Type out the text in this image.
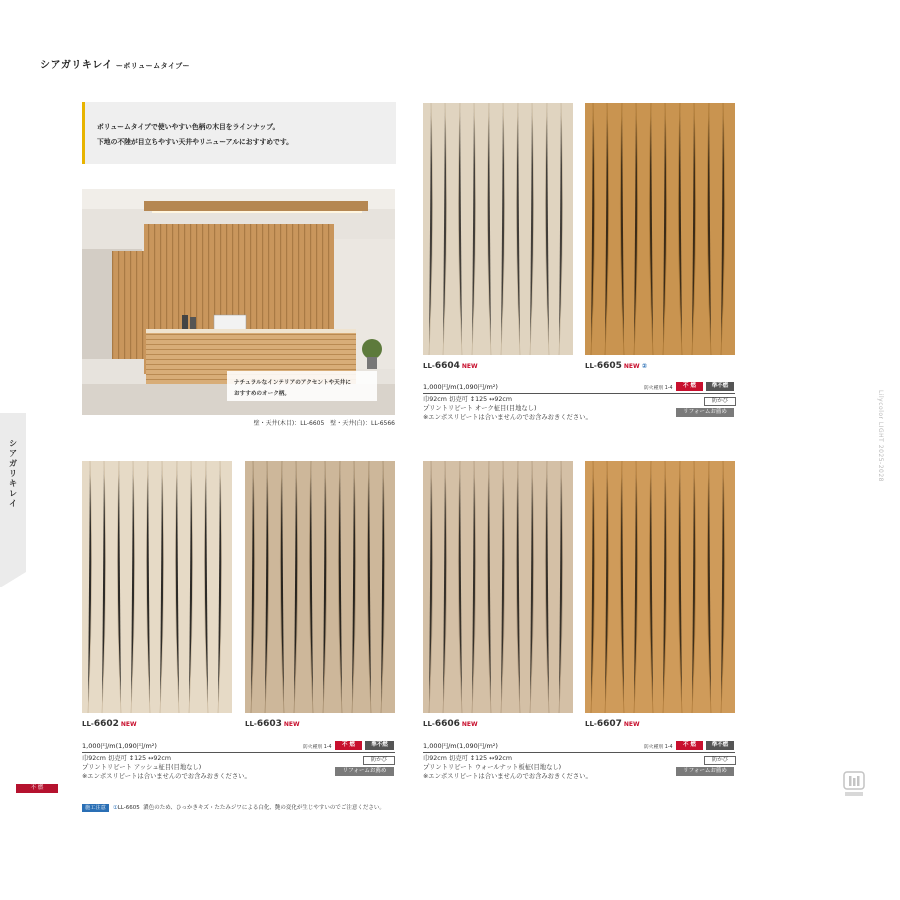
シアガリキレイ ーボリュームタイプー
ボリュームタイプで使いやすい色柄の木目をラインナップ。
下地の不陸が目立ちやすい天井やリニューアルにおすすめです。
ナチュラルなインテリアのアクセントや天井に
おすすめのオーク柄。
壁・天井(木目)：LL-6605　壁・天井(白)：LL-6566
LL-6604 NEW	LL-6605 NEW ②
LL-6602 NEW	LL-6603 NEW	LL-6606 NEW	LL-6607 NEW
1,000円/m(1,090円/m²)	防火種別 1-4	不 燃	準不燃
巾92cm 切売可 ↕125 ↔92cm
プリントリピート オーク柾目(目地なし)
※エンボスリピートは合いませんのでお含みおきください。
防かび
リフォームお薦め
1,000円/m(1,090円/m²)	防火種別 1-4	不 燃	準不燃
巾92cm 切売可 ↕125 ↔92cm
プリントリピート アッシュ柾目(目地なし)
※エンボスリピートは合いませんのでお含みおきください。
防かび
リフォームお薦め
1,000円/m(1,090円/m²)	防火種別 1-4	不 燃	準不燃
巾92cm 切売可 ↕125 ↔92cm
プリントリピート ウォールナット板柾(目地なし)
※エンボスリピートは合いませんのでお含みおきください。
防かび
リフォームお薦め
シアガリキレイ
不 燃
Lilycolor LIGHT 2025-2028
施工注意 ①LL-6605 濃色のため、ひっかきキズ・たたみジワによる白化、艶の変化が生じやすいのでご注意ください。
